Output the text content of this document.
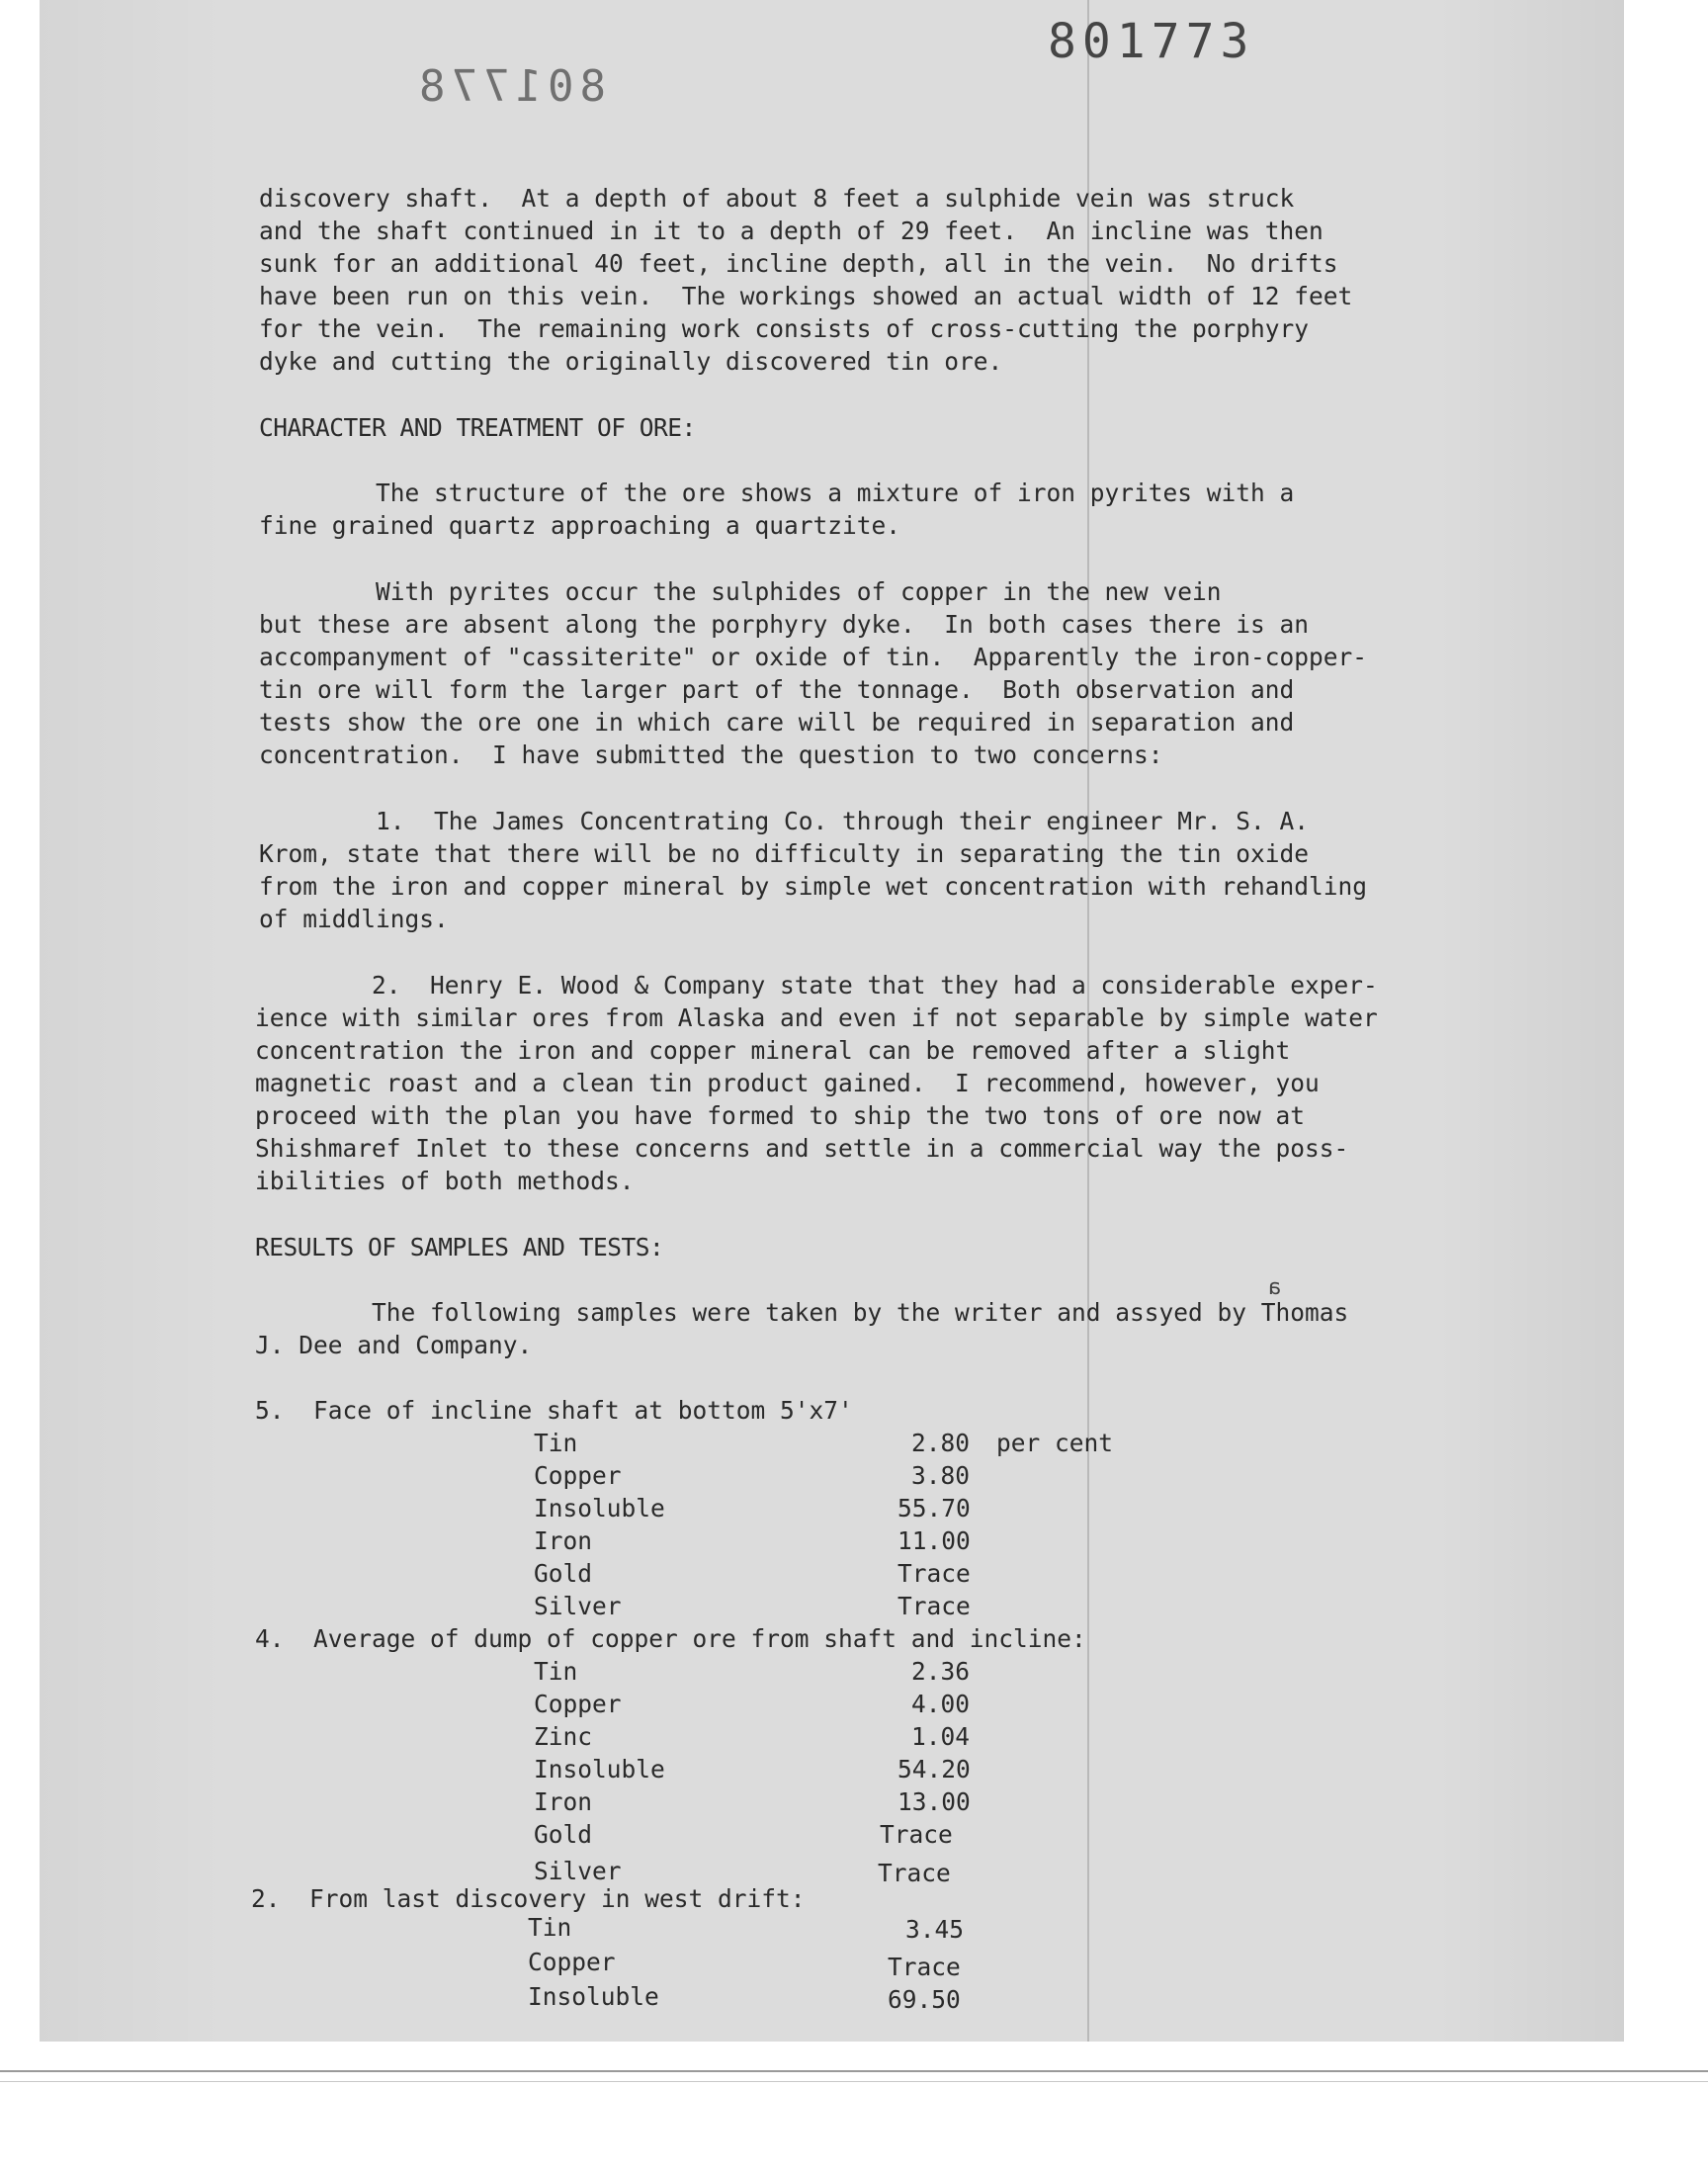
801773
801778
discovery shaft.  At a depth of about 8 feet a sulphide vein was struck
and the shaft continued in it to a depth of 29 feet.  An incline was then
sunk for an additional 40 feet, incline depth, all in the vein.  No drifts
have been run on this vein.  The workings showed an actual width of 12 feet
for the vein.  The remaining work consists of cross-cutting the porphyry
dyke and cutting the originally discovered tin ore.
CHARACTER AND TREATMENT OF ORE:
The structure of the ore shows a mixture of iron pyrites with a
fine grained quartz approaching a quartzite.
With pyrites occur the sulphides of copper in the new vein
but these are absent along the porphyry dyke.  In both cases there is an
accompanyment of "cassiterite" or oxide of tin.  Apparently the iron-copper-
tin ore will form the larger part of the tonnage.  Both observation and
tests show the ore one in which care will be required in separation and
concentration.  I have submitted the question to two concerns:
1.  The James Concentrating Co. through their engineer Mr. S. A.
Krom, state that there will be no difficulty in separating the tin oxide
from the iron and copper mineral by simple wet concentration with rehandling
of middlings.
2.  Henry E. Wood & Company state that they had a considerable exper-
ience with similar ores from Alaska and even if not separable by simple water
concentration the iron and copper mineral can be removed after a slight
magnetic roast and a clean tin product gained.  I recommend, however, you
proceed with the plan you have formed to ship the two tons of ore now at
Shishmaref Inlet to these concerns and settle in a commercial way the poss-
ibilities of both methods.
RESULTS OF SAMPLES AND TESTS:
The following samples were taken by the writer and assyed by Thomas
J. Dee and Company.
a
5.  Face of incline shaft at bottom 5'x7'
Tin	2.80 per cent
Copper	3.80
Insoluble	55.70
Iron	11.00
Gold	Trace
Silver	Trace
4.  Average of dump of copper ore from shaft and incline:
Tin	2.36
Copper	4.00
Zinc	1.04
Insoluble	54.20
Iron	13.00
Gold	Trace
Silver	Trace
2.  From last discovery in west drift:
Tin	3.45
Copper	Trace
Insoluble	69.50
